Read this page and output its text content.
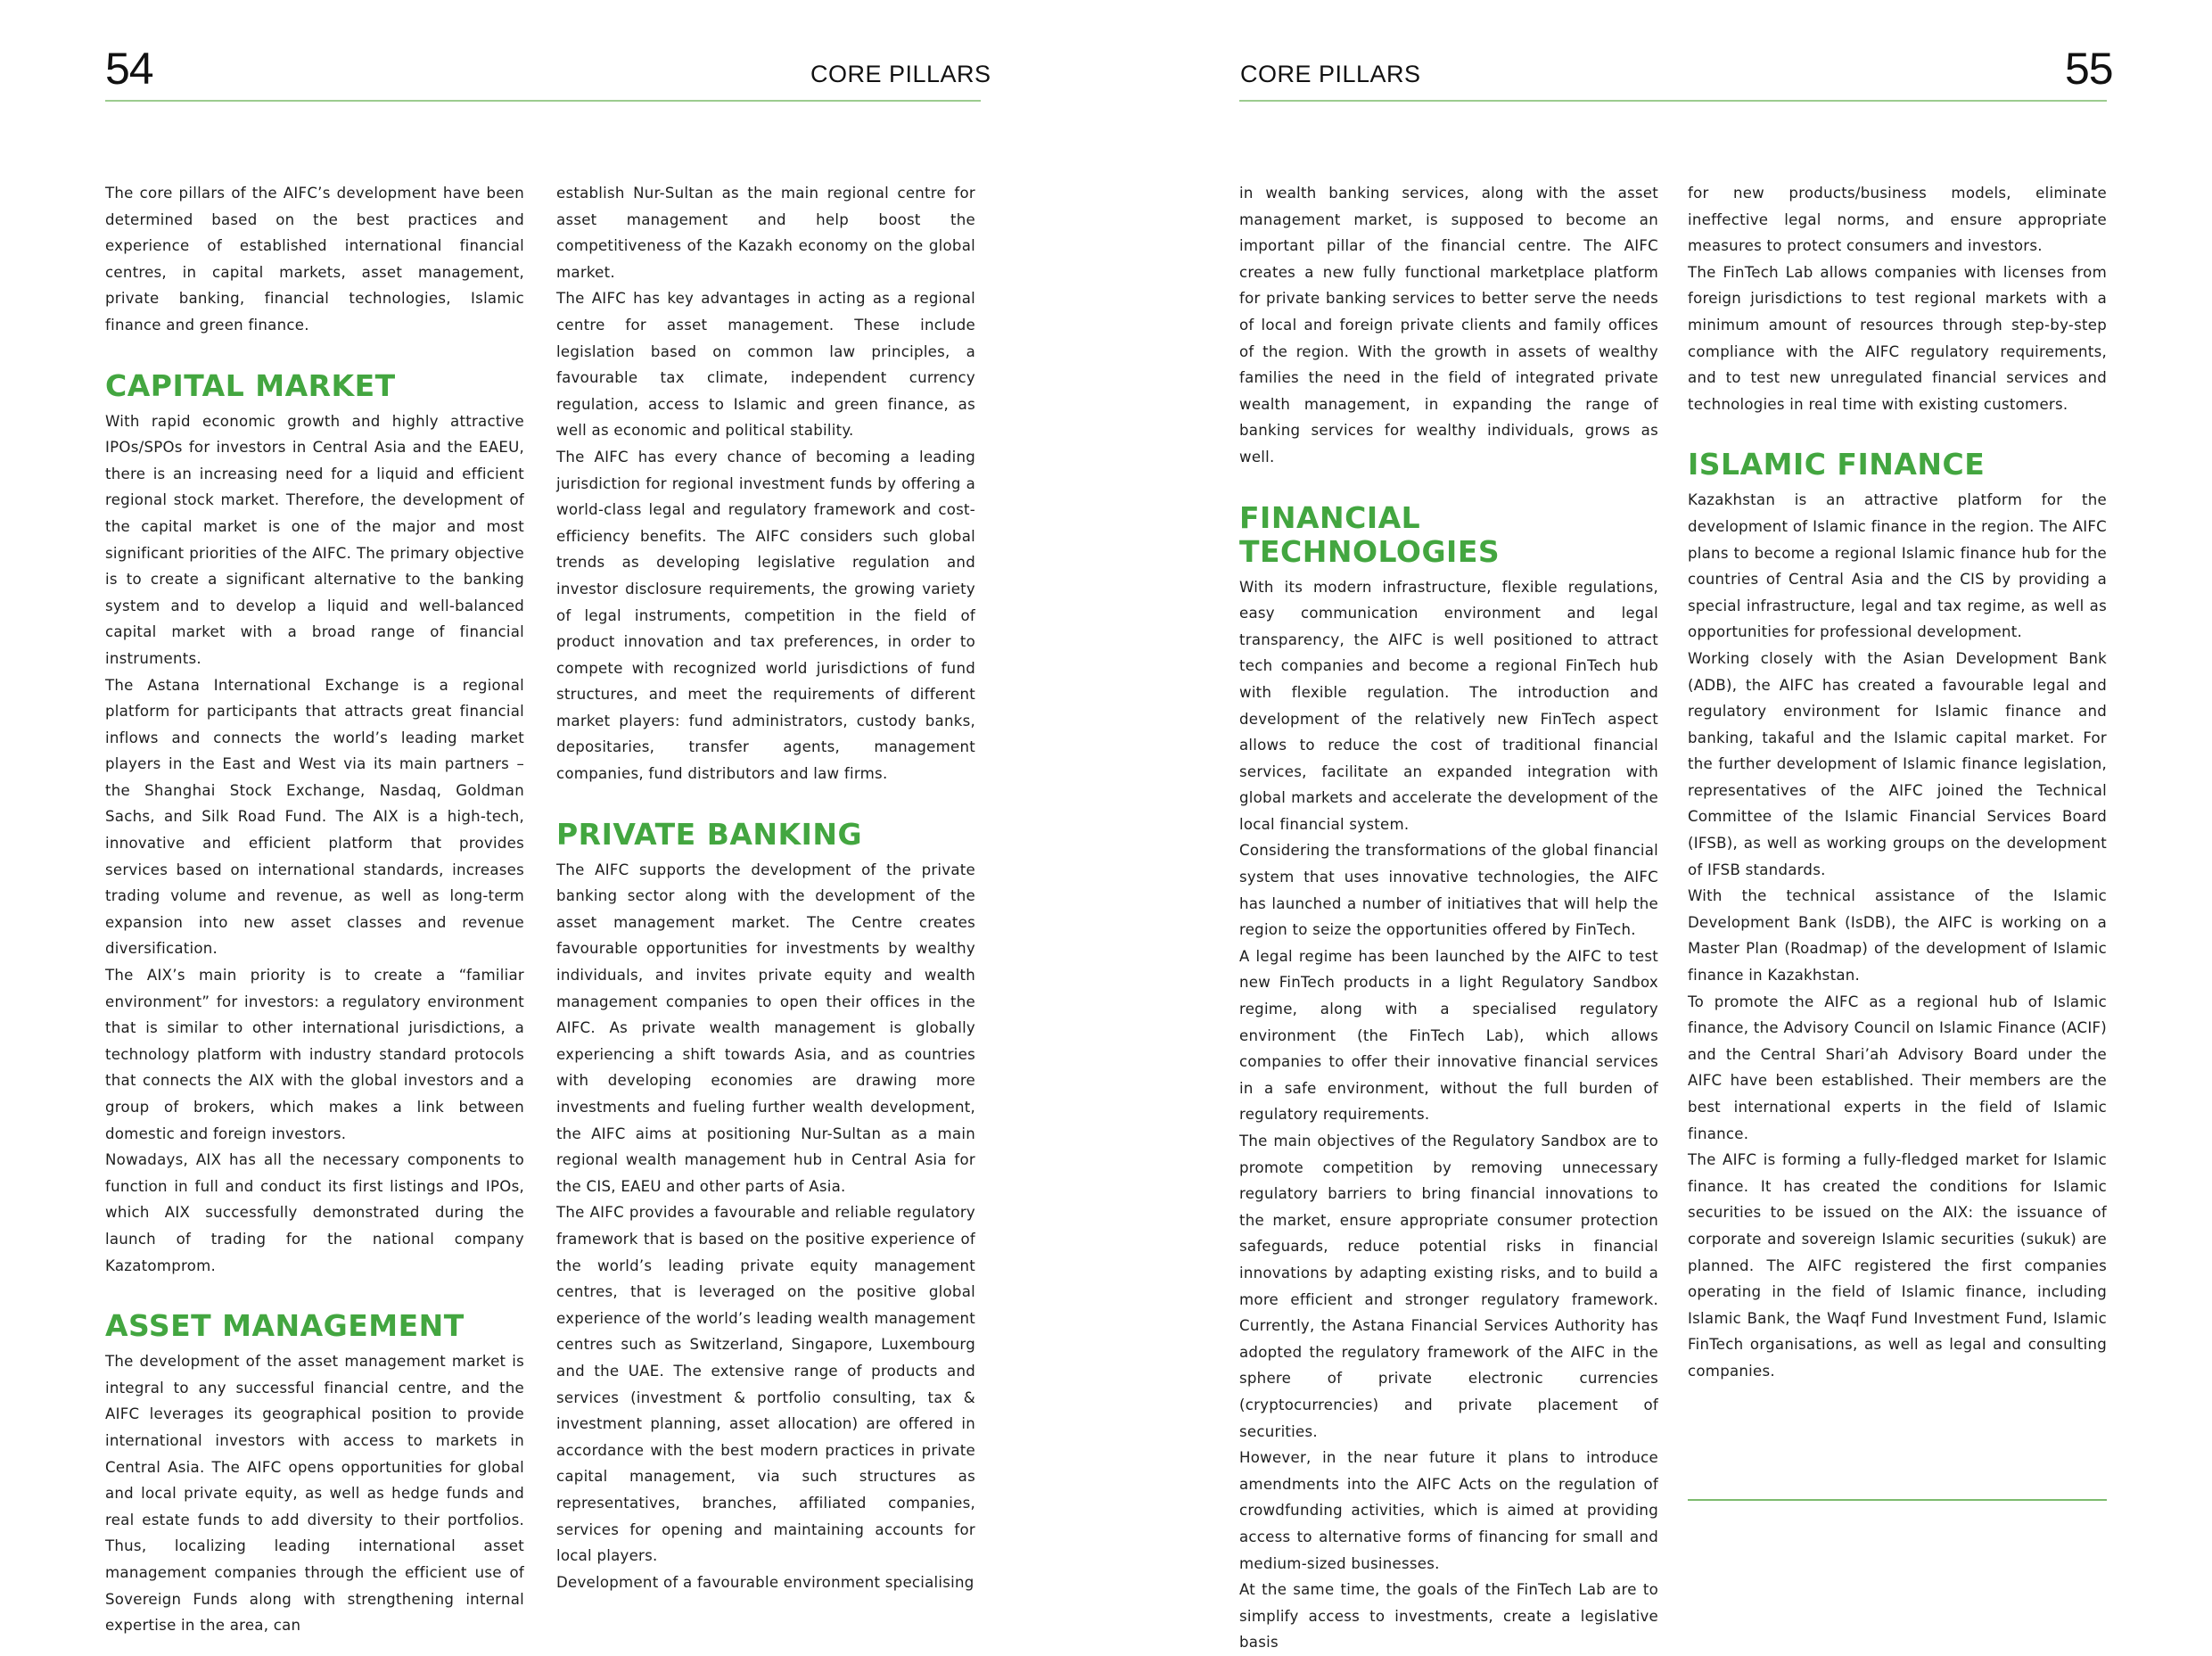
54	CORE PILLARS	CORE PILLARS	55

The core pillars of the AIFC’s development have been determined based on the best practices and experience of established international financial centres, in capital markets, asset management, private banking, financial technologies, Islamic finance and green finance.

CAPITAL MARKET

With rapid economic growth and highly attractive IPOs/SPOs for investors in Central Asia and the EAEU, there is an increasing need for a liquid and efficient regional stock market. Therefore, the development of the capital market is one of the major and most significant priorities of the AIFC. The primary objective is to create a significant alternative to the banking system and to develop a liquid and well-balanced capital market with a broad range of financial instruments.

The Astana International Exchange is a regional platform for participants that attracts great financial inflows and connects the world’s leading market players in the East and West via its main partners – the Shanghai Stock Exchange, Nasdaq, Goldman Sachs, and Silk Road Fund. The AIX is a high-tech, innovative and efficient platform that provides services based on international standards, increases trading volume and revenue, as well as long-term expansion into new asset classes and revenue diversification.

The AIX’s main priority is to create a “familiar environment” for investors: a regulatory environment that is similar to other international jurisdictions, a technology platform with industry standard protocols that connects the AIX with the global investors and a group of brokers, which makes a link between domestic and foreign investors.

Nowadays, AIX has all the necessary components to function in full and conduct its first listings and IPOs, which AIX successfully demonstrated during the launch of trading for the national company Kazatomprom.

ASSET MANAGEMENT

The development of the asset management market is integral to any successful financial centre, and the AIFC leverages its geographical position to provide international investors with access to markets in Central Asia. The AIFC opens opportunities for global and local private equity, as well as hedge funds and real estate funds to add diversity to their portfolios. Thus, localizing leading international asset management companies through the efficient use of Sovereign Funds along with strengthening internal expertise in the area, can

establish Nur-Sultan as the main regional centre for asset management and help boost the competitiveness of the Kazakh economy on the global market.

The AIFC has key advantages in acting as a regional centre for asset management. These include legislation based on common law principles, a favourable tax climate, independent currency regulation, access to Islamic and green finance, as well as economic and political stability.

The AIFC has every chance of becoming a leading jurisdiction for regional investment funds by offering a world-class legal and regulatory framework and cost-efficiency benefits. The AIFC considers such global trends as developing legislative regulation and investor disclosure requirements, the growing variety of legal instruments, competition in the field of product innovation and tax preferences, in order to compete with recognized world jurisdictions of fund structures, and meet the requirements of different market players: fund administrators, custody banks, depositaries, transfer agents, management companies, fund distributors and law firms.

PRIVATE BANKING

The AIFC supports the development of the private banking sector along with the development of the asset management market. The Centre creates favourable opportunities for investments by wealthy individuals, and invites private equity and wealth management companies to open their offices in the AIFC. As private wealth management is globally experiencing a shift towards Asia, and as countries with developing economies are drawing more investments and fueling further wealth development, the AIFC aims at positioning Nur-Sultan as a main regional wealth management hub in Central Asia for the CIS, EAEU and other parts of Asia.

The AIFC provides a favourable and reliable regulatory framework that is based on the positive experience of the world’s leading private equity management centres, that is leveraged on the positive global experience of the world’s leading wealth management centres such as Switzerland, Singapore, Luxembourg and the UAE. The extensive range of products and services (investment & portfolio consulting, tax & investment planning, asset allocation) are offered in accordance with the best modern practices in private capital management, via such structures as representatives, branches, affiliated companies, services for opening and maintaining accounts for local players.

Development of a favourable environment specialising

in wealth banking services, along with the asset management market, is supposed to become an important pillar of the financial centre. The AIFC creates a new fully functional marketplace platform for private banking services to better serve the needs of local and foreign private clients and family offices of the region. With the growth in assets of wealthy families the need in the field of integrated private wealth management, in expanding the range of banking services for wealthy individuals, grows as well.

FINANCIAL
TECHNOLOGIES

With its modern infrastructure, flexible regulations, easy communication environment and legal transparency, the AIFC is well positioned to attract tech companies and become a regional FinTech hub with flexible regulation. The introduction and development of the relatively new FinTech aspect allows to reduce the cost of traditional financial services, facilitate an expanded integration with global markets and accelerate the development of the local financial system.

Considering the transformations of the global financial system that uses innovative technologies, the AIFC has launched a number of initiatives that will help the region to seize the opportunities offered by FinTech.

A legal regime has been launched by the AIFC to test new FinTech products in a light Regulatory Sandbox regime, along with a specialised regulatory environment (the FinTech Lab), which allows companies to offer their innovative financial services in a safe environment, without the full burden of regulatory requirements.

The main objectives of the Regulatory Sandbox are to promote competition by removing unnecessary regulatory barriers to bring financial innovations to the market, ensure appropriate consumer protection safeguards, reduce potential risks in financial innovations by adapting existing risks, and to build a more efficient and stronger regulatory framework. Currently, the Astana Financial Services Authority has adopted the regulatory framework of the AIFC in the sphere of private electronic currencies (cryptocurrencies) and private placement of securities.

However, in the near future it plans to introduce amendments into the AIFC Acts on the regulation of crowdfunding activities, which is aimed at providing access to alternative forms of financing for small and medium-sized businesses.

At the same time, the goals of the FinTech Lab are to simplify access to investments, create a legislative basis

for new products/business models, eliminate ineffective legal norms, and ensure appropriate measures to protect consumers and investors.

The FinTech Lab allows companies with licenses from foreign jurisdictions to test regional markets with a minimum amount of resources through step-by-step compliance with the AIFC regulatory requirements, and to test new unregulated financial services and technologies in real time with existing customers.

ISLAMIC FINANCE

Kazakhstan is an attractive platform for the development of Islamic finance in the region. The AIFC plans to become a regional Islamic finance hub for the countries of Central Asia and the CIS by providing a special infrastructure, legal and tax regime, as well as opportunities for professional development.

Working closely with the Asian Development Bank (ADB), the AIFC has created a favourable legal and regulatory environment for Islamic finance and banking, takaful and the Islamic capital market. For the further development of Islamic finance legislation, representatives of the AIFC joined the Technical Committee of the Islamic Financial Services Board (IFSB), as well as working groups on the development of IFSB standards.

With the technical assistance of the Islamic Development Bank (IsDB), the AIFC is working on a Master Plan (Roadmap) of the development of Islamic finance in Kazakhstan.

To promote the AIFC as a regional hub of Islamic finance, the Advisory Council on Islamic Finance (ACIF) and the Central Shari’ah Advisory Board under the AIFC have been established. Their members are the best international experts in the field of Islamic finance.

The AIFC is forming a fully-fledged market for Islamic finance. It has created the conditions for Islamic securities to be issued on the AIX: the issuance of corporate and sovereign Islamic securities (sukuk) are planned. The AIFC registered the first companies operating in the field of Islamic finance, including Islamic Bank, the Waqf Fund Investment Fund, Islamic FinTech organisations, as well as legal and consulting companies.
